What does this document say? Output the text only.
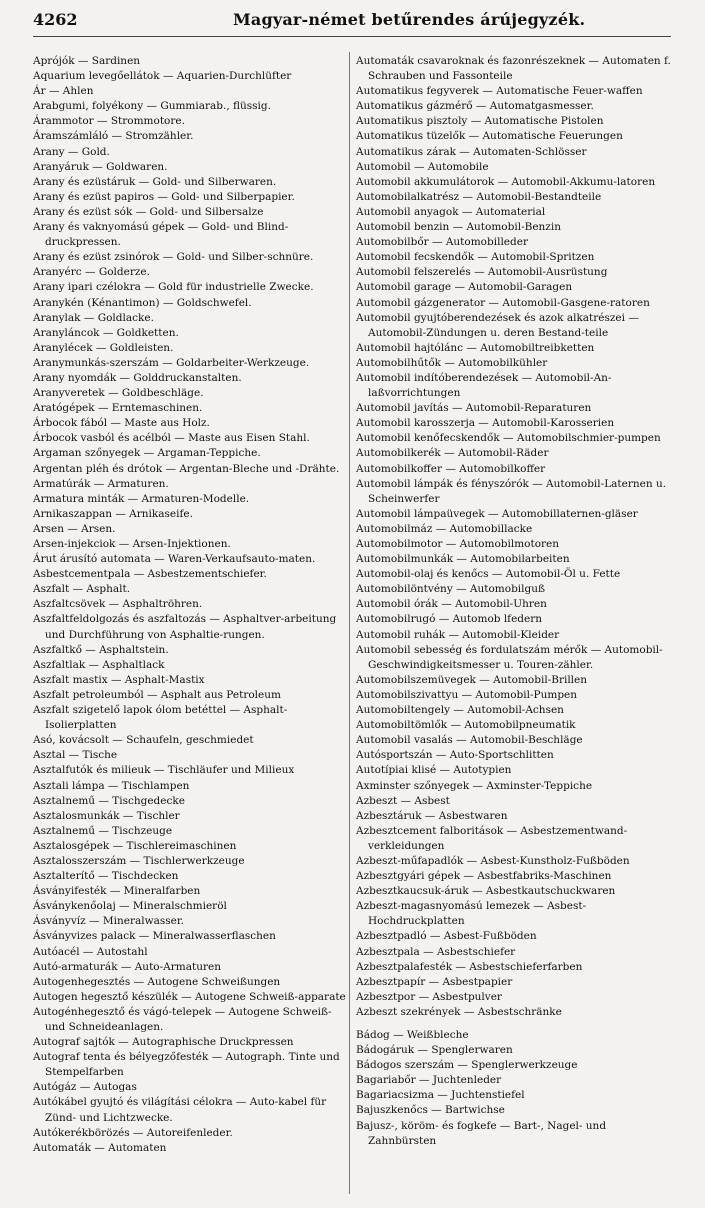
4262	Magyar-német betűrendes árújegyzék.

Aprójók — Sardinen

Aquarium levegőellátok — Aquarien-Durchlüfter

Ár — Ahlen

Arabgumi, folyékony — Gummiarab., flüssig.

Árammotor — Strommotore.

Áramszámláló — Stromzähler.

Arany — Gold.

Aranyáruk — Goldwaren.

Arany és ezüstáruk — Gold- und Silberwaren.

Arany és ezüst papiros — Gold- und Silberpapier.

Arany és ezüst sók — Gold- und Silbersalze

Arany és vaknyomású gépek — Gold- und Blind-druckpressen.

Arany és ezüst zsinórok — Gold- und Silber-schnüre.

Aranyérc — Golderze.

Arany ipari czélokra — Gold für industrielle Zwecke.

Aranykén (Kénantimon) — Goldschwefel.

Aranylak — Goldlacke.

Aranyláncok — Goldketten.

Aranylécek — Goldleisten.

Aranymunkás-szerszám — Goldarbeiter-Werkzeuge.

Arany nyomdák — Golddruckanstalten.

Aranyveretek — Goldbeschläge.

Aratógépek — Erntemaschinen.

Árbocok fából — Maste aus Holz.

Árbocok vasból és acélból — Maste aus Eisen Stahl.

Argaman szőnyegek — Argaman-Teppiche.

Argentan pléh és drótok — Argentan-Bleche und -Drähte.

Armatúrák — Armaturen.

Armatura minták — Armaturen-Modelle.

Arnikaszappan — Arnikaseife.

Arsen — Arsen.

Arsen-injekciok — Arsen-Injektionen.

Árut árusító automata — Waren-Verkaufsauto-maten.

Asbestcementpala — Asbestzementschiefer.

Aszfalt — Asphalt.

Aszfaltcsövek — Asphaltröhren.

Aszfaltfeldolgozás és aszfaltozás — Asphaltver-arbeitung und Durchführung von Asphaltie-rungen.

Aszfaltkő — Asphaltstein.

Aszfaltlak — Asphaltlack

Aszfalt mastix — Asphalt-Mastix

Aszfalt petroleumból — Asphalt aus Petroleum

Aszfalt szigetelő lapok ólom betéttel — Asphalt-Isolierplatten

Asó, kovácsolt — Schaufeln, geschmiedet

Asztal — Tische

Asztalfutók és milieuk — Tischläufer und Milieux

Asztali lámpa — Tischlampen

Asztalnemű — Tischgedecke

Asztalosmunkák — Tischler

Asztalnemű — Tischzeuge

Asztalosgépek — Tischlereimaschinen

Asztalosszerszám — Tischlerwerkzeuge

Asztalterítő — Tischdecken

Ásványifesték — Mineralfarben

Ásványkenőolaj — Mineralschmieröl

Ásványvíz — Mineralwasser.

Ásványvizes palack — Mineralwasserflaschen

Autóacél — Autostahl

Autó-armaturák — Auto-Armaturen

Autogenhegesztés — Autogene Schweißungen

Autogen hegesztő készülék — Autogene Schweiß-apparate

Autogénhegesztő és vágó-telepek — Autogene Schweiß- und Schneideanlagen.

Autograf sajtók — Autographische Druckpressen

Autograf tenta és bélyegzőfesték — Autograph. Tinte und Stempelfarben

Autógáz — Autogas

Autókábel gyujtó és világítási célokra — Auto-kabel für Zünd- und Lichtzwecke.

Autókerékbörözés — Autoreifenleder.

Automaták — Automaten

Automaták csavaroknak és fazonrészeknek — Automaten f. Schrauben und Fassonteile

Automatikus fegyverek — Automatische Feuer-waffen

Automatikus gázmérő — Automatgasmesser.

Automatikus pisztoly — Automatische Pistolen

Automatikus tüzelők — Automatische Feuerungen

Automatikus zárak — Automaten-Schlösser

Automobil — Automobile

Automobil akkumulátorok — Automobil-Akkumu-latoren

Automobilalkatrész — Automobil-Bestandteile

Automobil anyagok — Automaterial

Automobil benzin — Automobil-Benzin

Automobilbőr — Automobilleder

Automobil fecskendők — Automobil-Spritzen

Automobil felszerelés — Automobil-Ausrüstung

Automobil garage — Automobil-Garagen

Automobil gázgenerator — Automobil-Gasgene-ratoren

Automobil gyujtóberendezések és azok alkatrészei — Automobil-Zündungen u. deren Bestand-teile

Automobil hajtólánc — Automobiltreibketten

Automobilhűtők — Automobilkühler

Automobil indítóberendezések — Automobil-An-laßvorrichtungen

Automobil javítás — Automobil-Reparaturen

Automobil karosszerja — Automobil-Karosserien

Automobil kenőfecskendők — Automobilschmier-pumpen

Automobilkerék — Automobil-Räder

Automobilkoffer — Automobilkoffer

Automobil lámpák és fényszórók — Automobil-Laternen u. Scheinwerfer

Automobil lámpaüvegek — Automobillaternen-gläser

Automobilmáz — Automobillacke

Automobilmotor — Automobilmotoren

Automobilmunkák — Automobilarbeiten

Automobil-olaj és kenőcs — Automobil-Öl u. Fette

Automobilöntvény — Automobilguß

Automobil órák — Automobil-Uhren

Automobilrugó — Automob lfedern

Automobil ruhák — Automobil-Kleider

Automobil sebesség és fordulatszám mérők — Automobil-Geschwindigkeitsmesser u. Touren-zähler.

Automobilszemüvegek — Automobil-Brillen

Automobilszivattyu — Automobil-Pumpen

Automobiltengely — Automobil-Achsen

Automobiltömlők — Automobilpneumatik

Automobil vasalás — Automobil-Beschläge

Autósportszán — Auto-Sportschlitten

Autotípiai klisé — Autotypien

Axminster szőnyegek — Axminster-Teppiche

Azbeszt — Asbest

Azbesztáruk — Asbestwaren

Azbesztcement falboritások — Asbestzementwand-verkleidungen

Azbeszt-műfapadlók — Asbest-Kunstholz-Fußböden

Azbesztgyári gépek — Asbestfabriks-Maschinen

Azbesztkaucsuk-áruk — Asbestkautschuckwaren

Azbeszt-magasnyomású lemezek — Asbest-Hochdruckplatten

Azbesztpadló — Asbest-Fußböden

Azbesztpala — Asbestschiefer

Azbesztpalafesték — Asbestschieferfarben

Azbesztpapír — Asbestpapier

Azbesztpor — Asbestpulver

Azbeszt szekrények — Asbestschränke

Bádog — Weißbleche

Bádogáruk — Spenglerwaren

Bádogos szerszám — Spenglerwerkzeuge

Bagariabőr — Juchtenleder

Bagariacsizma — Juchtenstiefel

Bajuszkenőcs — Bartwichse

Bajusz-, köröm- és fogkefe — Bart-, Nagel- und Zahnbürsten
